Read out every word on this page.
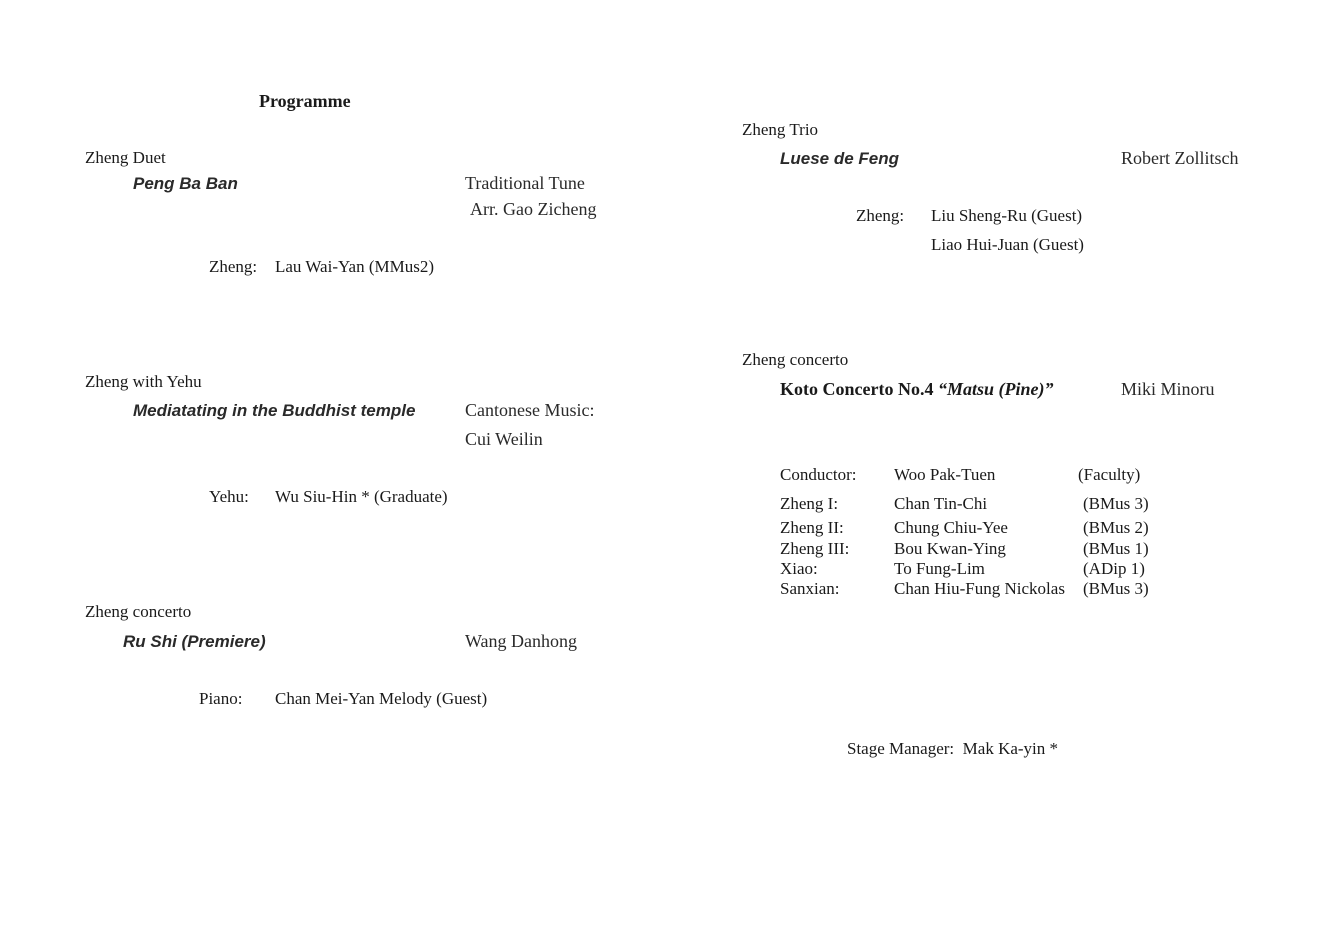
Programme
Zheng Duet
Peng Ba Ban	Traditional Tune
Arr. Gao Zicheng
Zheng: Lau Wai-Yan (MMus2)
Zheng with Yehu
Mediatating in the Buddhist temple	Cantonese Music:
Cui Weilin
Yehu: Wu Siu-Hin * (Graduate)
Zheng concerto
Ru Shi (Premiere)	Wang Danhong
Piano: Chan Mei-Yan Melody (Guest)
Zheng Trio
Luese de Feng	Robert Zollitsch
Zheng: Liu Sheng-Ru (Guest)
Liao Hui-Juan (Guest)
Zheng concerto
Koto Concerto No.4 “Matsu (Pine)”	Miki Minoru
Conductor: Woo Pak-Tuen	(Faculty)
Zheng I:	Chan Tin-Chi	(BMus 3)
Zheng II:	Chung Chiu-Yee	(BMus 2)
Zheng III:	Bou Kwan-Ying	(BMus 1)
Xiao:	To Fung-Lim	(ADip 1)
Sanxian:	Chan Hiu-Fung Nickolas (BMus 3)
Stage Manager: Mak Ka-yin *
